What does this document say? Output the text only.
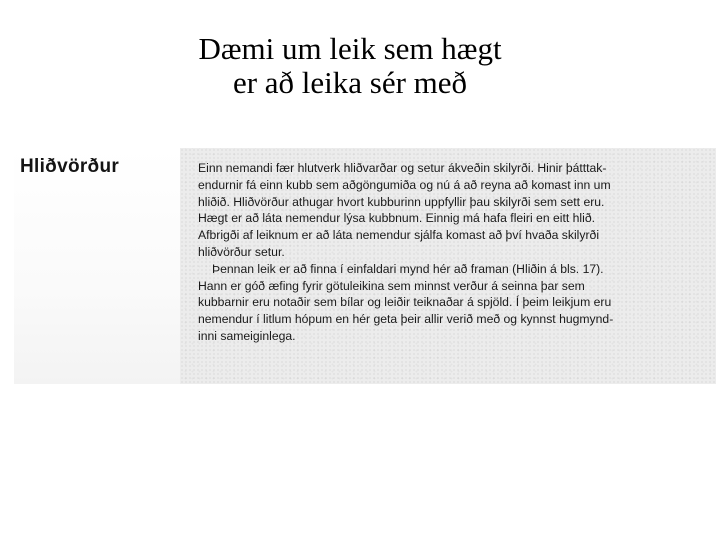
Dæmi um leik sem hægt
er að leika sér með
Hliðvörður	Einn nemandi fær hlutverk hliðvarðar og setur ákveðin skilyrði. Hinir þátttak-
endurnir fá einn kubb sem aðgöngumiða og nú á að reyna að komast inn um
hliðið. Hliðvörður athugar hvort kubburinn uppfyllir þau skilyrði sem sett eru.
Hægt er að láta nemendur lýsa kubbnum. Einnig má hafa fleiri en eitt hlið.
Afbrigði af leiknum er að láta nemendur sjálfa komast að því hvaða skilyrði
hliðvörður setur.
Þennan leik er að finna í einfaldari mynd hér að framan (Hliðin á bls. 17).
Hann er góð æfing fyrir götuleikina sem minnst verður á seinna þar sem
kubbarnir eru notaðir sem bílar og leiðir teiknaðar á spjöld. Í þeim leikjum eru
nemendur í litlum hópum en hér geta þeir allir verið með og kynnst hugmynd-
inni sameiginlega.
